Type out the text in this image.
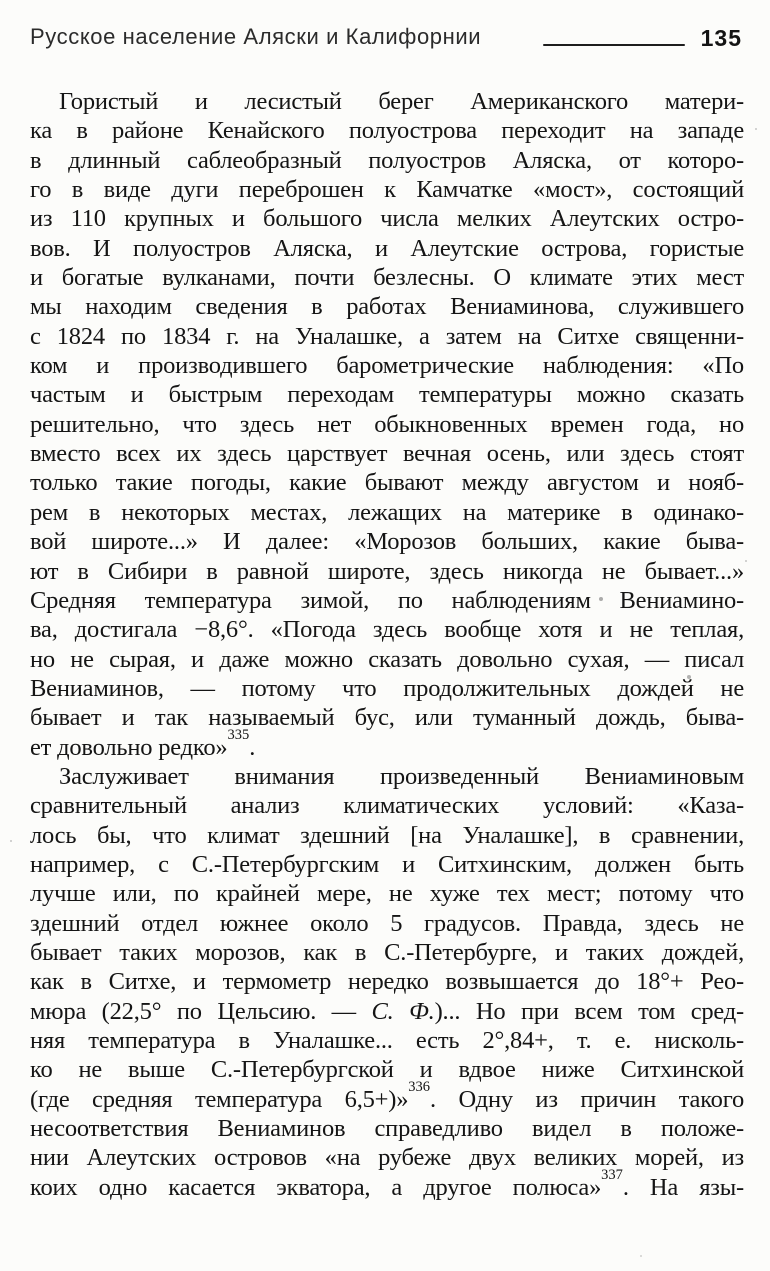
Русское население Аляски и Калифорнии	135
Гористый и лесистый берег Американского матери-
ка в районе Кенайского полуострова переходит на западе
в длинный саблеобразный полуостров Аляска, от которо-
го в виде дуги переброшен к Камчатке «мост», состоящий
из 110 крупных и большого числа мелких Алеутских остро-
вов. И полуостров Аляска, и Алеутские острова, гористые
и богатые вулканами, почти безлесны. О климате этих мест
мы находим сведения в работах Вениаминова, служившего
с 1824 по 1834 г. на Уналашке, а затем на Ситхе священни-
ком и производившего барометрические наблюдения: «По
частым и быстрым переходам температуры можно сказать
решительно, что здесь нет обыкновенных времен года, но
вместо всех их здесь царствует вечная осень, или здесь стоят
только такие погоды, какие бывают между августом и нояб-
рем в некоторых местах, лежащих на материке в одинако-
вой широте...» И далее: «Морозов больших, какие быва-
ют в Сибири в равной широте, здесь никогда не бывает...»
Средняя температура зимой, по наблюдениям Вениамино-
ва, достигала −8,6°. «Погода здесь вообще хотя и не теплая,
но не сырая, и даже можно сказать довольно сухая, — писал
Вениаминов, — потому что продолжительных дождей не
бывает и так называемый бус, или туманный дождь, быва-
ет довольно редко»$^{335}$.
Заслуживает внимания произведенный Вениаминовым
сравнительный анализ климатических условий: «Каза-
лось бы, что климат здешний [на Уналашке], в сравнении,
например, с С.-Петербургским и Ситхинским, должен быть
лучше или, по крайней мере, не хуже тех мест; потому что
здешний отдел южнее около 5 градусов. Правда, здесь не
бывает таких морозов, как в С.-Петербурге, и таких дождей,
как в Ситхе, и термометр нередко возвышается до 18°+ Рео-
мюра (22,5° по Цельсию. — С. Ф.)... Но при всем том сред-
няя температура в Уналашке... есть 2°,84+, т. е. нисколь-
ко не выше С.-Петербургской и вдвое ниже Ситхинской
(где средняя температура 6,5+)»$^{336}$. Одну из причин такого
несоответствия Вениаминов справедливо видел в положе-
нии Алеутских островов «на рубеже двух великих морей, из
коих одно касается экватора, а другое полюса»$^{337}$. На язы-
